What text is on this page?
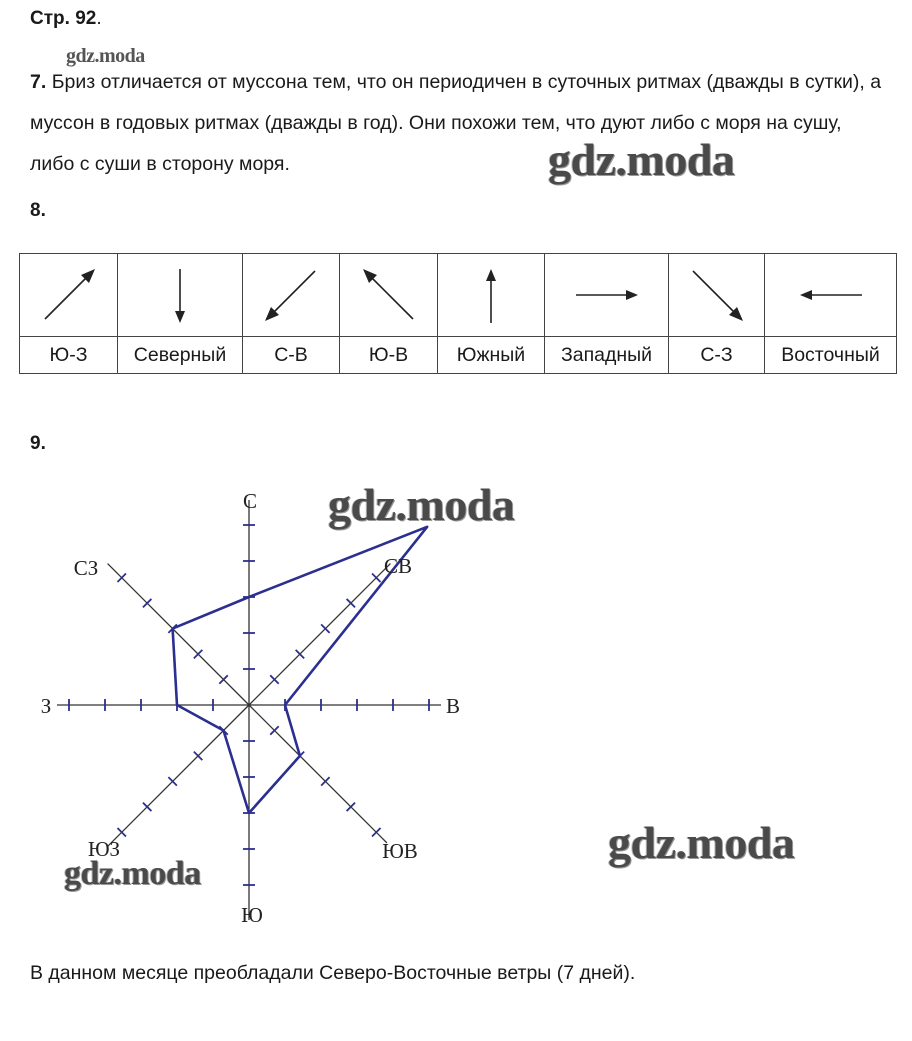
Стр. 92.
gdz.moda
7. Бриз отличается от муссона тем, что он периодичен в суточных ритмах (дважды в сутки), а муссон в годовых ритмах (дважды в год). Они похожи тем, что дуют либо с моря на сушу, либо с суши в сторону моря.	gdz.moda
8.

Ю-З	Северный	С-В	Ю-В	Южный	Западный	С-З	Восточный
9.
С
СВ
В
ЮВ
Ю
ЮЗ
З
СЗ
gdz.moda
gdz.moda
gdz.moda
В данном месяце преобладали Северо-Восточные ветры (7 дней).
